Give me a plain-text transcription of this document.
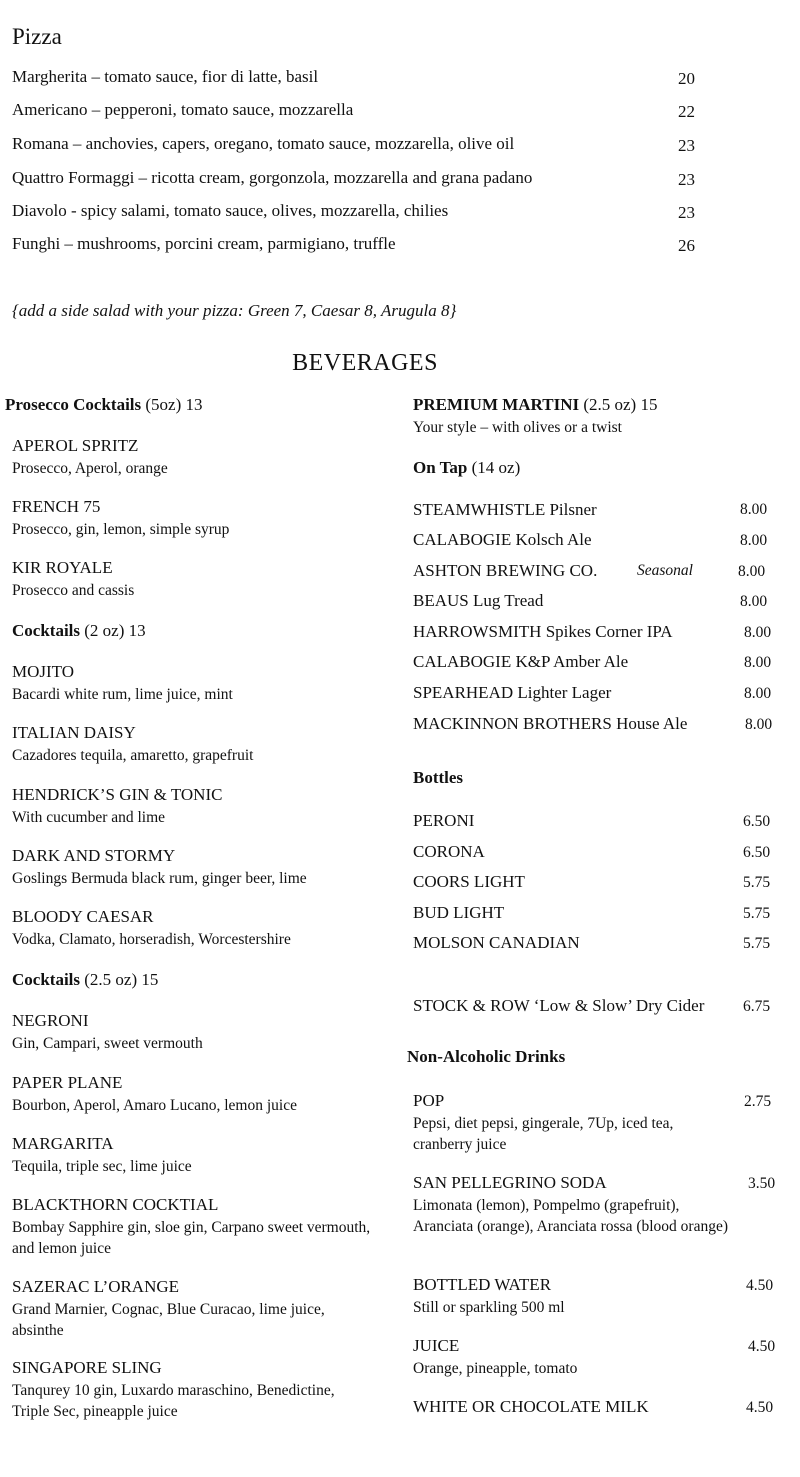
Pizza
Margherita – tomato sauce, fior di latte, basil	20
Americano – pepperoni, tomato sauce, mozzarella	22
Romana – anchovies, capers, oregano, tomato sauce, mozzarella, olive oil	23
Quattro Formaggi – ricotta cream, gorgonzola, mozzarella and grana padano	23
Diavolo - spicy salami, tomato sauce, olives, mozzarella, chilies	23
Funghi – mushrooms, porcini cream, parmigiano, truffle	26
{add a side salad with your pizza: Green 7, Caesar 8, Arugula 8}
BEVERAGES
Prosecco Cocktails (5oz) 13
APEROL SPRITZ
Prosecco, Aperol, orange
FRENCH 75
Prosecco, gin, lemon, simple syrup
KIR ROYALE
Prosecco and cassis
Cocktails (2 oz) 13
MOJITO
Bacardi white rum, lime juice, mint
ITALIAN DAISY
Cazadores tequila, amaretto, grapefruit
HENDRICK’S GIN & TONIC
With cucumber and lime
DARK AND STORMY
Goslings Bermuda black rum, ginger beer, lime
BLOODY CAESAR
Vodka, Clamato, horseradish, Worcestershire
Cocktails (2.5 oz) 15
NEGRONI
Gin, Campari, sweet vermouth
PAPER PLANE
Bourbon, Aperol, Amaro Lucano, lemon juice
MARGARITA
Tequila, triple sec, lime juice
BLACKTHORN COCKTIAL
Bombay Sapphire gin, sloe gin, Carpano sweet vermouth, and lemon juice
SAZERAC L’ORANGE
Grand Marnier, Cognac, Blue Curacao, lime juice, absinthe
SINGAPORE SLING
Tanqurey 10 gin, Luxardo maraschino, Benedictine, Triple Sec, pineapple juice
PREMIUM MARTINI (2.5 oz) 15
Your style – with olives or a twist
On Tap (14 oz)
STEAMWHISTLE Pilsner	8.00
CALABOGIE Kolsch Ale	8.00
ASHTON BREWING CO.	Seasonal	8.00
BEAUS Lug Tread	8.00
HARROWSMITH Spikes Corner IPA	8.00
CALABOGIE K&P Amber Ale	8.00
SPEARHEAD Lighter Lager	8.00
MACKINNON BROTHERS House Ale	8.00
Bottles
PERONI	6.50
CORONA	6.50
COORS LIGHT	5.75
BUD LIGHT	5.75
MOLSON CANADIAN	5.75
STOCK & ROW ‘Low & Slow’ Dry Cider 6.75
Non-Alcoholic Drinks
POP	2.75
Pepsi, diet pepsi, gingerale, 7Up, iced tea, cranberry juice
SAN PELLEGRINO SODA	3.50
Limonata (lemon), Pompelmo (grapefruit), Aranciata (orange), Aranciata rossa (blood orange)
BOTTLED WATER	4.50
Still or sparkling 500 ml
JUICE	4.50
Orange, pineapple, tomato
WHITE OR CHOCOLATE MILK	4.50
